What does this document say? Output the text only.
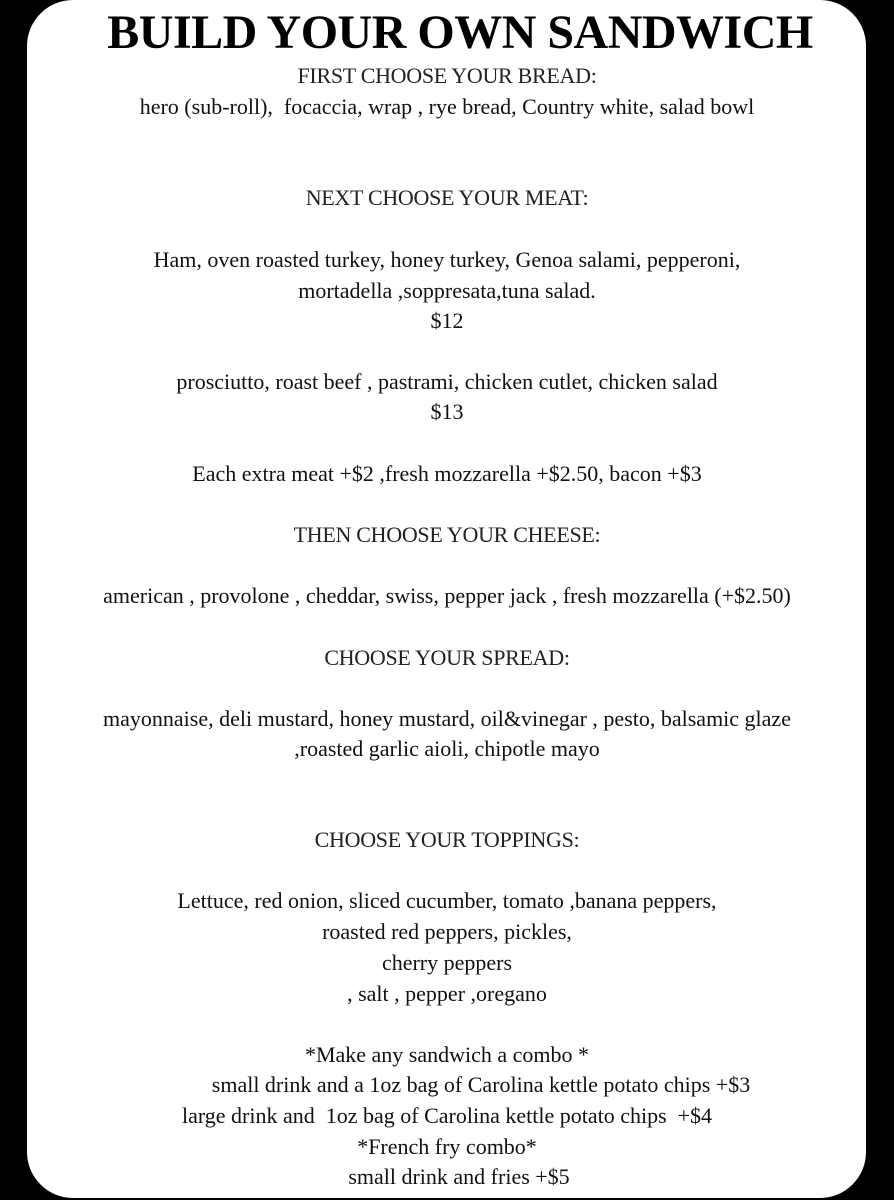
BUILD YOUR OWN SANDWICH
FIRST CHOOSE YOUR BREAD:
hero (sub-roll),  focaccia, wrap , rye bread, Country white, salad bowl
NEXT CHOOSE YOUR MEAT:
Ham, oven roasted turkey, honey turkey, Genoa salami, pepperoni,
mortadella ,soppresata,tuna salad.
$12
prosciutto, roast beef , pastrami, chicken cutlet, chicken salad
$13
Each extra meat +$2 ,fresh mozzarella +$2.50, bacon +$3
THEN CHOOSE YOUR CHEESE:
american , provolone , cheddar, swiss, pepper jack , fresh mozzarella (+$2.50)
CHOOSE YOUR SPREAD:
mayonnaise, deli mustard, honey mustard, oil&vinegar , pesto, balsamic glaze
,roasted garlic aioli, chipotle mayo
CHOOSE YOUR TOPPINGS:
Lettuce, red onion, sliced cucumber, tomato ,banana peppers,
roasted red peppers, pickles,
cherry peppers
, salt , pepper ,oregano
*Make any sandwich a combo *
small drink and a 1oz bag of Carolina kettle potato chips +$3
large drink and  1oz bag of Carolina kettle potato chips  +$4
*French fry combo*
small drink and fries +$5
